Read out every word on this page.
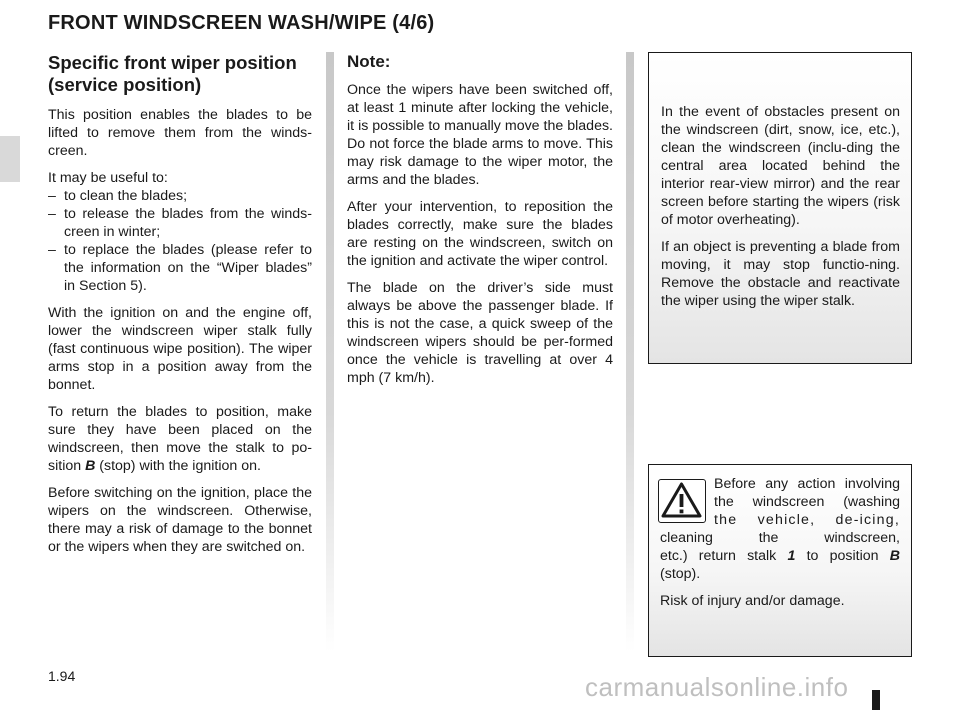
FRONT WINDSCREEN WASH/WIPE (4/6)
Specific front wiper position (service position)

This position enables the blades to be lifted to remove them from the winds-creen.

It may be useful to:

– to clean the blades;
– to release the blades from the winds-creen in winter;
– to replace the blades (please refer to the information on the “Wiper blades” in Section 5).

With the ignition on and the engine off, lower the windscreen wiper stalk fully (fast continuous wipe position). The wiper arms stop in a position away from the bonnet.

To return the blades to position, make sure they have been placed on the windscreen, then move the stalk to po-sition B (stop) with the ignition on.

Before switching on the ignition, place the wipers on the windscreen. Otherwise, there may a risk of damage to the bonnet or the wipers when they are switched on.

Note:

Once the wipers have been switched off, at least 1 minute after locking the vehicle, it is possible to manually move the blades. Do not force the blade arms to move. This may risk damage to the wiper motor, the arms and the blades.

After your intervention, to reposition the blades correctly, make sure the blades are resting on the windscreen, switch on the ignition and activate the wiper control.

The blade on the driver’s side must always be above the passenger blade. If this is not the case, a quick sweep of the windscreen wipers should be per-formed once the vehicle is travelling at over 4 mph (7 km/h).

In the event of obstacles present on the windscreen (dirt, snow, ice, etc.), clean the windscreen (inclu-ding the central area located behind the interior rear-view mirror) and the rear screen before starting the wipers (risk of motor overheating).

If an object is preventing a blade from moving, it may stop functio-ning. Remove the obstacle and reactivate the wiper using the wiper stalk.

Before any action involving
the windscreen (washing
the vehicle, de-icing,
cleaning the windscreen,

etc.) return stalk 1 to position B (stop).

Risk of injury and/or damage.

1.94	carmanualsonline.info
